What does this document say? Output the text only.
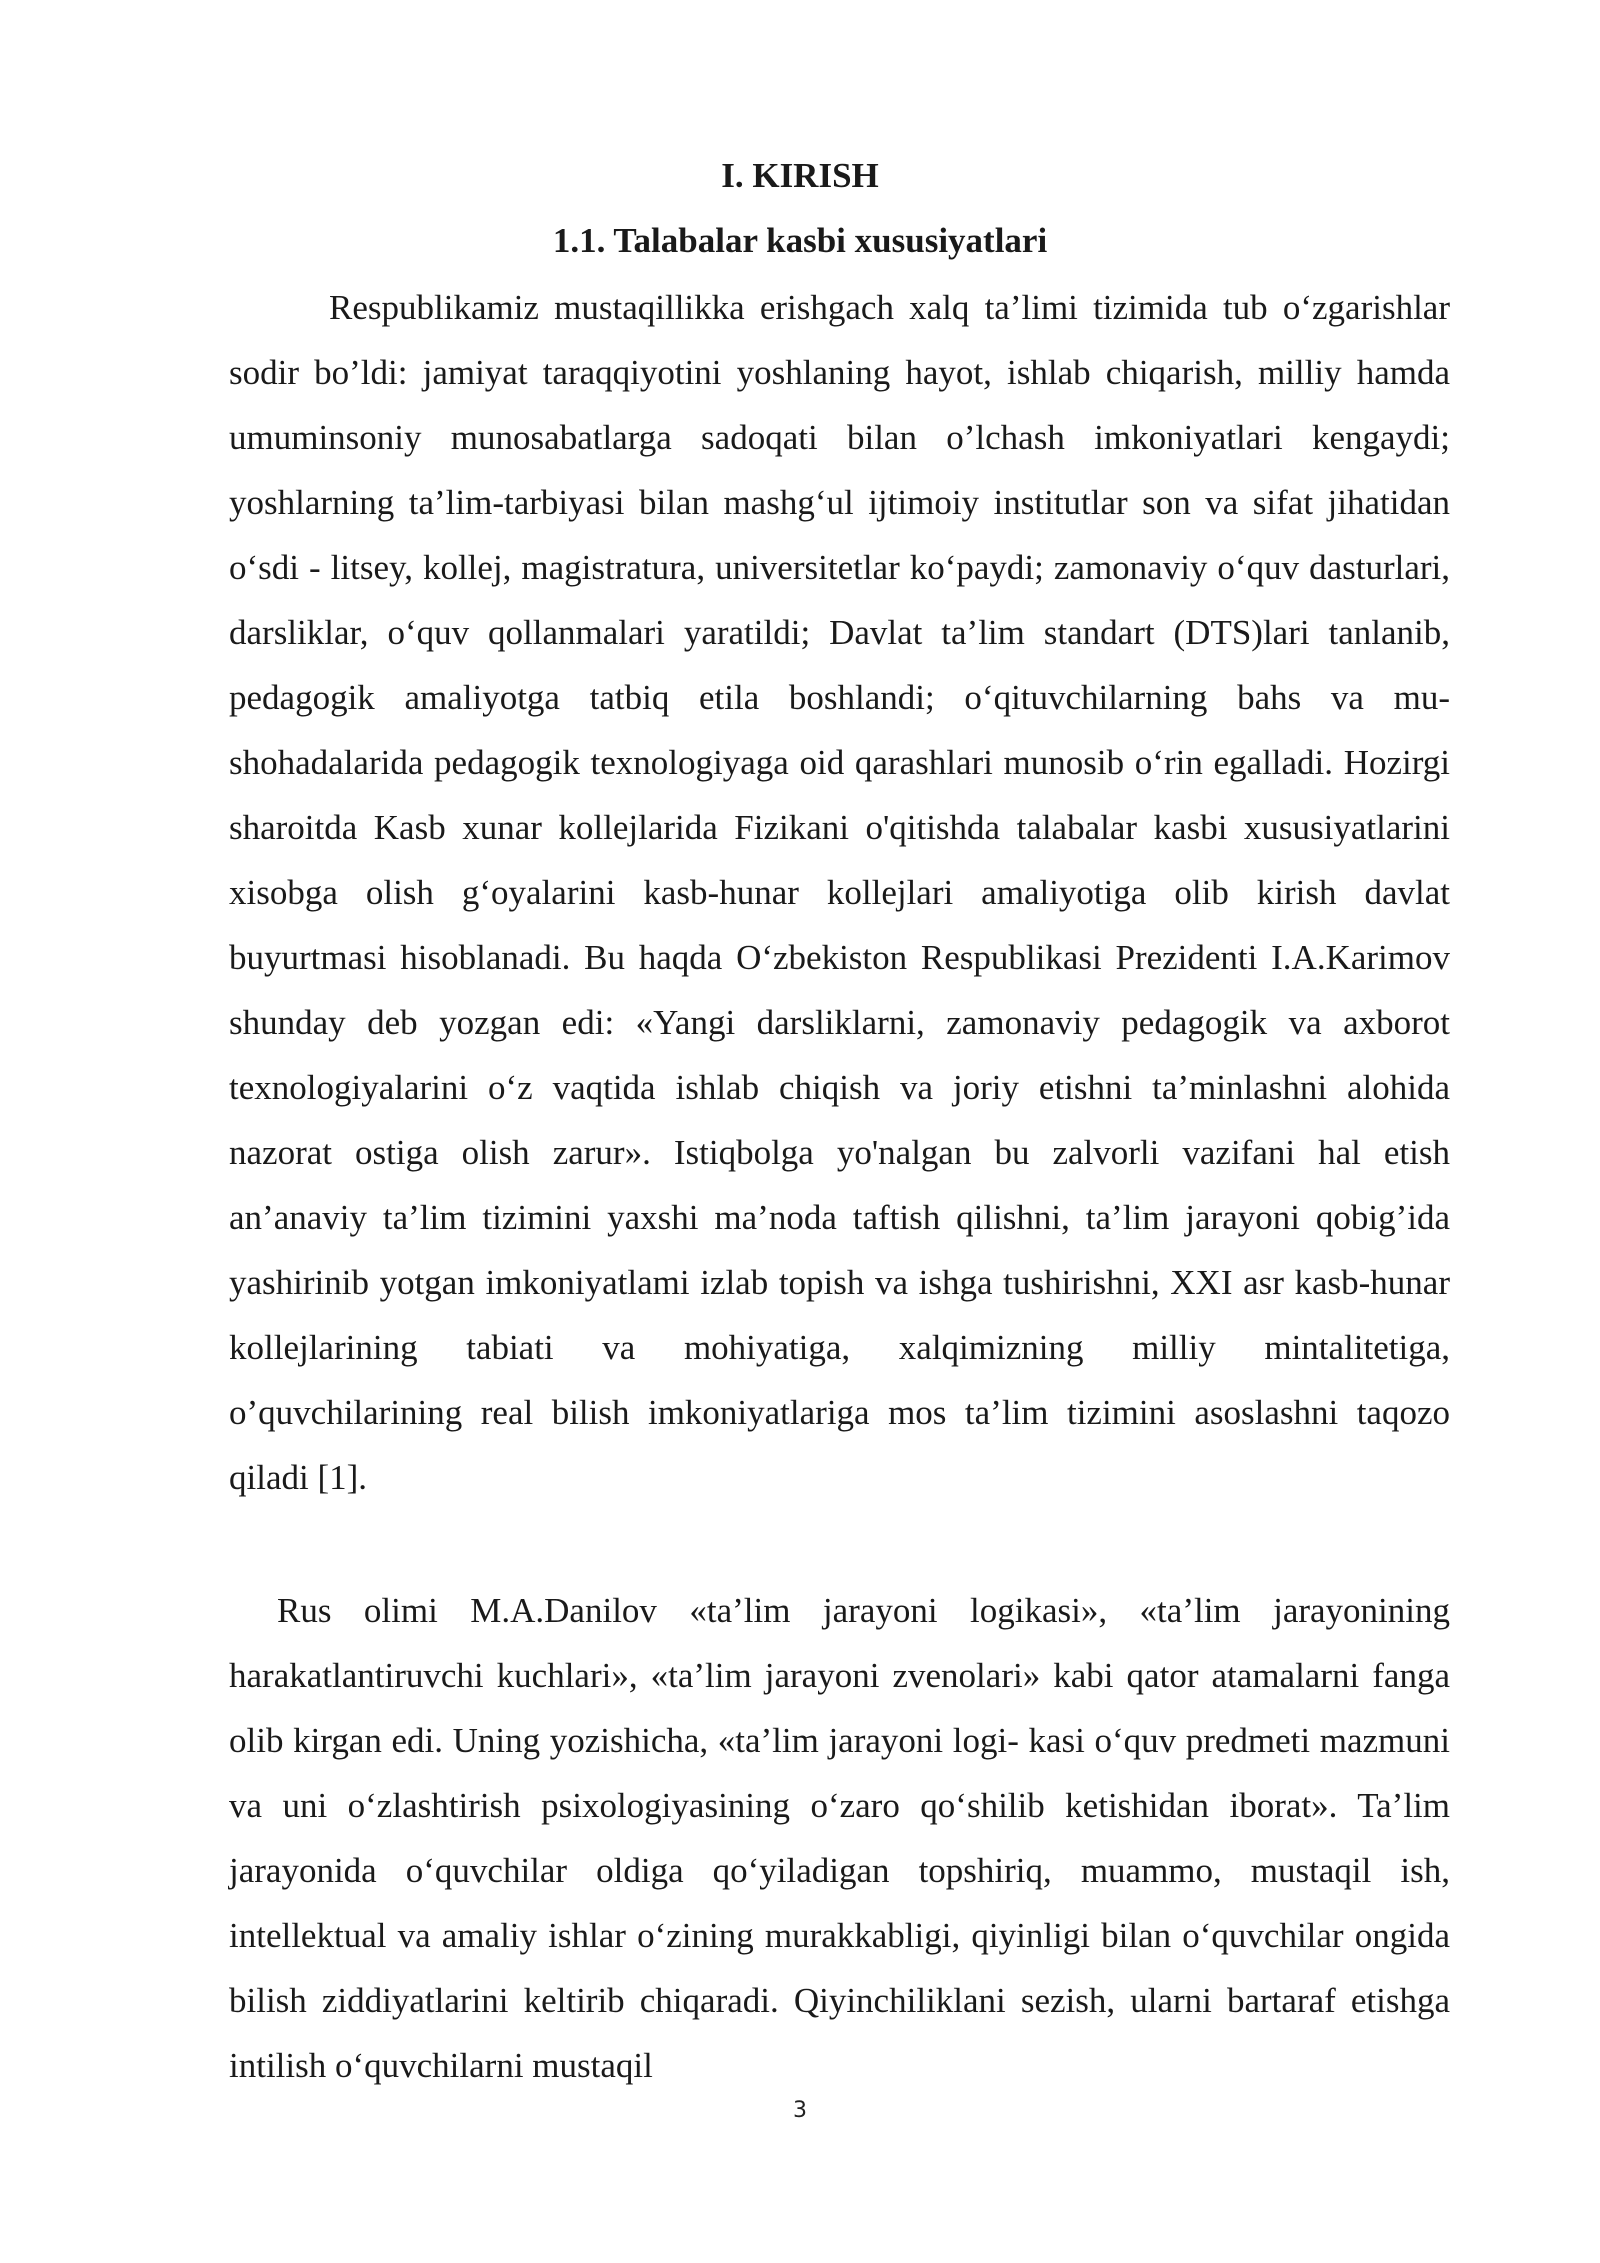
I. KIRISH
1.1. Talabalar kasbi xususiyatlari

Respublikamiz mustaqillikka erishgach xalq ta’limi tizimida tub o‘zgarishlar sodir bo’ldi: jamiyat taraqqiyotini yoshlaning hayot, ishlab chiqarish, milliy hamda umuminsoniy munosabatlarga sadoqati bilan o’lchash imkoniyatlari kengaydi; yoshlarning ta’lim-tarbiyasi bilan mashg‘ul ijtimoiy institutlar son va sifat jihatidan o‘sdi - litsey, kollej, magistratura, universitetlar ko‘paydi; zamonaviy o‘quv dasturlari, darsliklar, o‘quv qollanmalari yaratildi; Davlat ta’lim standart (DTS)lari tanlanib, pedagogik amaliyotga tatbiq etila boshlandi; o‘qituvchilarning bahs va mu- shohadalarida pedagogik texnologiyaga oid qarashlari munosib o‘rin egalladi. Hozirgi sharoitda Kasb xunar kollejlarida Fizikani o'qitishda talabalar kasbi xususiyatlarini xisobga olish g‘oyalarini kasb-hunar kollejlari amaliyotiga olib kirish davlat buyurtmasi hisoblanadi. Bu haqda O‘zbekiston Respublikasi Prezidenti I.A.Karimov shunday deb yozgan edi: «Yangi darsliklarni, zamonaviy pedagogik va axborot texnologiyalarini o‘z vaqtida ishlab chiqish va joriy etishni ta’minlashni alohida nazorat ostiga olish zarur». Istiqbolga yo'nalgan bu zalvorli vazifani hal etish an’anaviy ta’lim tizimini yaxshi ma’noda taftish qilishni, ta’lim jarayoni qobig’ida yashirinib yotgan imkoniyatlami izlab topish va ishga tushirishni, XXI asr kasb-hunar kollejlarining tabiati va mohiyatiga, xalqimizning milliy mintalitetiga, o’quvchilarining real bilish imkoniyatlariga mos ta’lim tizimini asoslashni taqozo qiladi [1].

Rus olimi M.A.Danilov «ta’lim jarayoni logikasi», «ta’lim jarayonining harakatlantiruvchi kuchlari», «ta’lim jarayoni zvenolari» kabi qator atamalarni fanga olib kirgan edi. Uning yozishicha, «ta’lim jarayoni logi- kasi o‘quv predmeti mazmuni va uni o‘zlashtirish psixologiyasining o‘zaro qo‘shilib ketishidan iborat». Ta’lim jarayonida o‘quvchilar oldiga qo‘yiladigan topshiriq, muammo, mustaqil ish, intellektual va amaliy ishlar o‘zining murakkabligi, qiyinligi bilan o‘quvchilar ongida bilish ziddiyatlarini keltirib chiqaradi. Qiyinchiliklani sezish, ularni bartaraf etishga intilish o‘quvchilarni mustaqil

3
